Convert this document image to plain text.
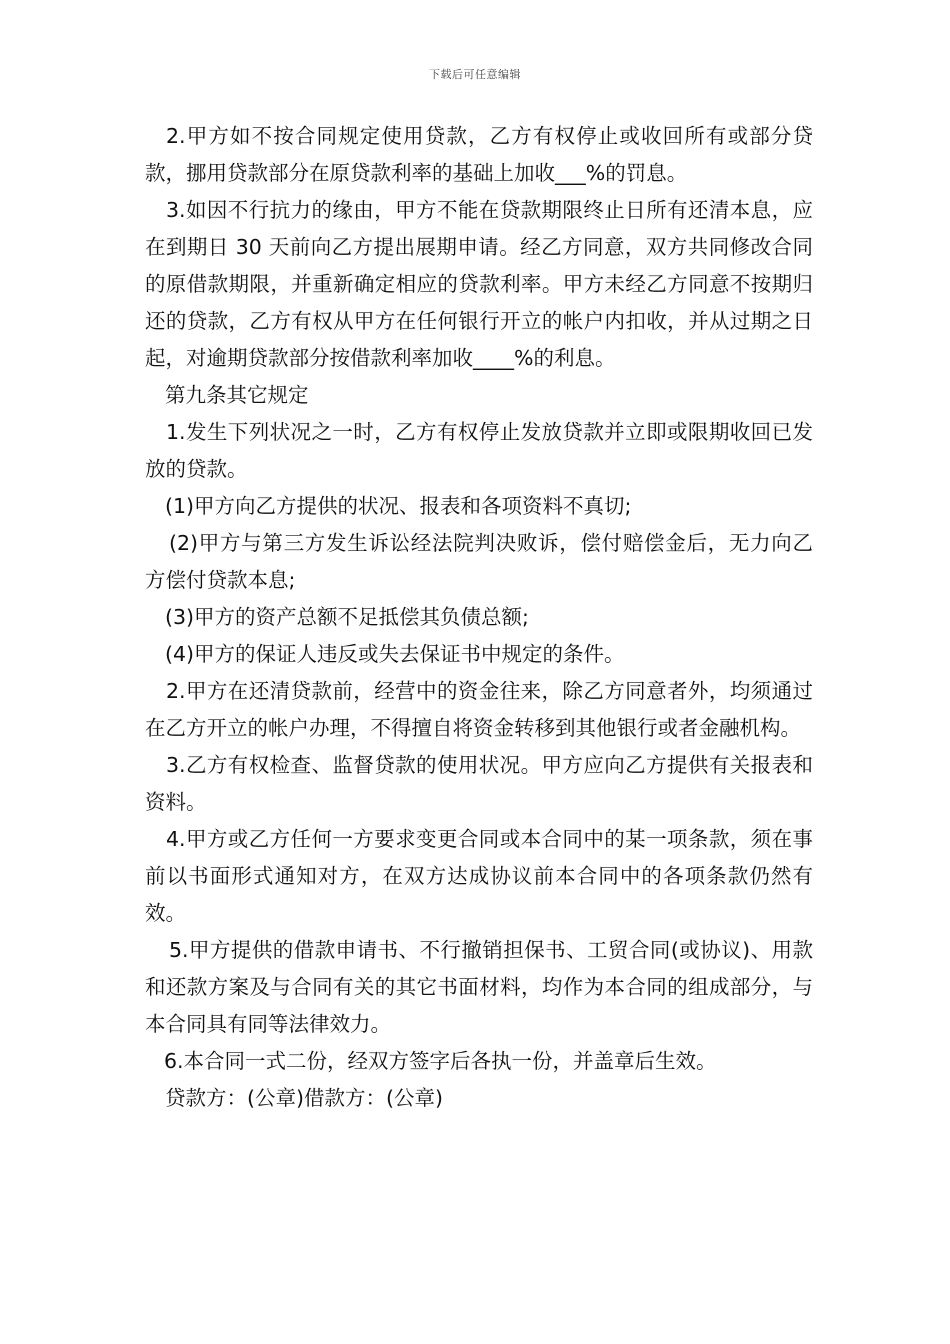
下载后可任意编辑

2.甲方如不按合同规定使用贷款，乙方有权停止或收回所有或部分贷款，挪用贷款部分在原贷款利率的基础上加收___%的罚息。

3.如因不行抗力的缘由，甲方不能在贷款期限终止日所有还清本息，应在到期日 30 天前向乙方提出展期申请。经乙方同意，双方共同修改合同的原借款期限，并重新确定相应的贷款利率。甲方未经乙方同意不按期归还的贷款，乙方有权从甲方在任何银行开立的帐户内扣收，并从过期之日起，对逾期贷款部分按借款利率加收____%的利息。

第九条其它规定

1.发生下列状况之一时，乙方有权停止发放贷款并立即或限期收回已发放的贷款。

(1)甲方向乙方提供的状况、报表和各项资料不真切;

(2)甲方与第三方发生诉讼经法院判决败诉，偿付赔偿金后，无力向乙方偿付贷款本息;

(3)甲方的资产总额不足抵偿其负债总额;

(4)甲方的保证人违反或失去保证书中规定的条件。

2.甲方在还清贷款前，经营中的资金往来，除乙方同意者外，均须通过在乙方开立的帐户办理，不得擅自将资金转移到其他银行或者金融机构。

3.乙方有权检查、监督贷款的使用状况。甲方应向乙方提供有关报表和资料。

4.甲方或乙方任何一方要求变更合同或本合同中的某一项条款，须在事前以书面形式通知对方，在双方达成协议前本合同中的各项条款仍然有效。

5.甲方提供的借款申请书、不行撤销担保书、工贸合同(或协议)、用款和还款方案及与合同有关的其它书面材料，均作为本合同的组成部分，与本合同具有同等法律效力。

6.本合同一式二份，经双方签字后各执一份，并盖章后生效。

贷款方：(公章)借款方：(公章)
